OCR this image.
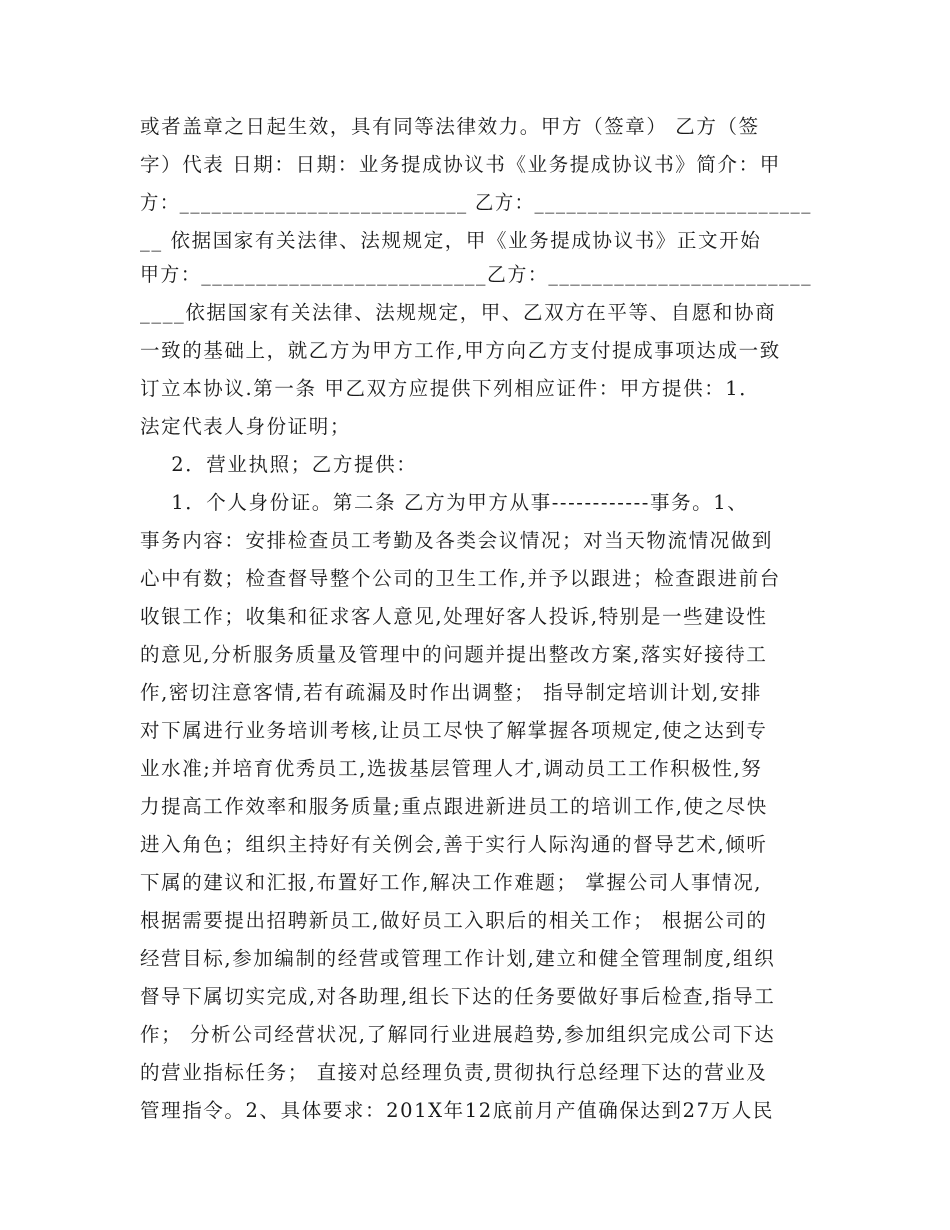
或者盖章之日起生效，具有同等法律效力。甲方（签章） 乙方（签
字）代表 日期：日期：业务提成协议书《业务提成协议书》简介：甲
方：___________________________ 乙方：__________________________
__ 依据国家有关法律、法规规定，甲《业务提成协议书》正文开始
甲方：__________________________乙方：________________________
____依据国家有关法律、法规规定，甲、乙双方在平等、自愿和协商
一致的基础上，就乙方为甲方工作,甲方向乙方支付提成事项达成一致
订立本协议.第一条 甲乙双方应提供下列相应证件：甲方提供：1．
法定代表人身份证明；
2．营业执照；乙方提供：
1．个人身份证。第二条 乙方为甲方从事------------事务。1、
事务内容：安排检查员工考勤及各类会议情况；对当天物流情况做到
心中有数；检查督导整个公司的卫生工作,并予以跟进；检查跟进前台
收银工作；收集和征求客人意见,处理好客人投诉,特别是一些建设性
的意见,分析服务质量及管理中的问题并提出整改方案,落实好接待工
作,密切注意客情,若有疏漏及时作出调整； 指导制定培训计划,安排
对下属进行业务培训考核,让员工尽快了解掌握各项规定,使之达到专
业水准;并培育优秀员工,选拔基层管理人才,调动员工工作积极性,努
力提高工作效率和服务质量;重点跟进新进员工的培训工作,使之尽快
进入角色；组织主持好有关例会,善于实行人际沟通的督导艺术,倾听
下属的建议和汇报,布置好工作,解决工作难题； 掌握公司人事情况,
根据需要提出招聘新员工,做好员工入职后的相关工作； 根据公司的
经营目标,参加编制的经营或管理工作计划,建立和健全管理制度,组织
督导下属切实完成,对各助理,组长下达的任务要做好事后检查,指导工
作； 分析公司经营状况,了解同行业进展趋势,参加组织完成公司下达
的营业指标任务； 直接对总经理负责,贯彻执行总经理下达的营业及
管理指令。2、具体要求：201X年12底前月产值确保达到27万人民
